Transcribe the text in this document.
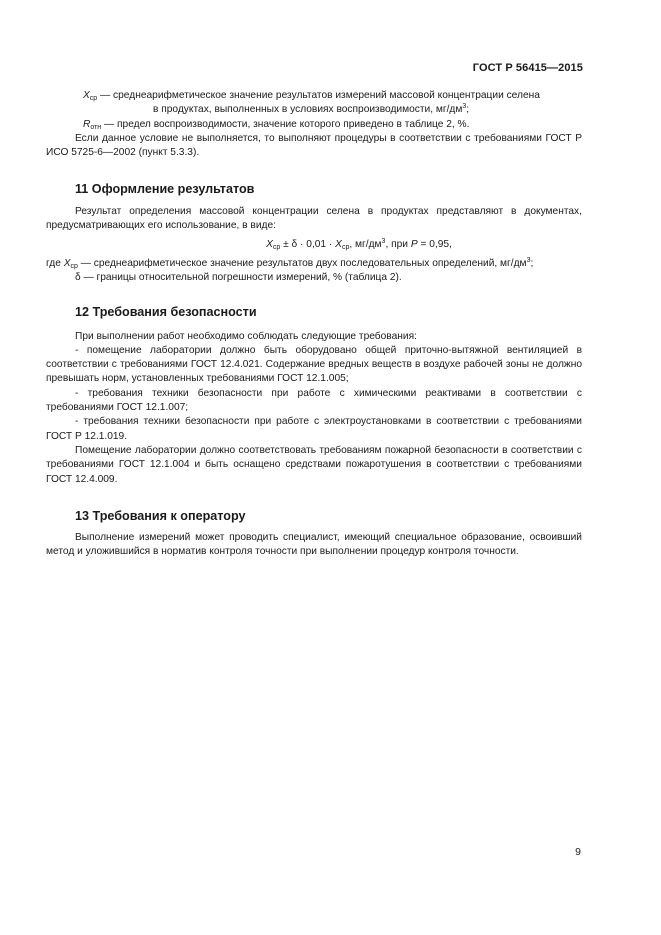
ГОСТ Р 56415—2015

$X_{ср}$ — среднеарифметическое значение результатов измерений массовой концентрации селена

в продуктах, выполненных в условиях воспроизводимости, $мг/дм^3$;

$R_{отн}$ — предел воспроизводимости, значение которого приведено в таблице 2, %.

Если данное условие не выполняется, то выполняют процедуры в соответствии с требованиями ГОСТ Р ИСО 5725-6—2002 (пункт 5.3.3).

11 Оформление результатов

Результат определения массовой концентрации селена в продуктах представляют в документах, предусматривающих его использование, в виде:

$X_{ср} \pm \delta \cdot 0,01 \cdot X_{ср}$, $мг/дм^3$, при P = 0,95,

где $X_{ср}$ — среднеарифметическое значение результатов двух последовательных определений, $мг/дм^3$;

δ — границы относительной погрешности измерений, % (таблица 2).

12 Требования безопасности

При выполнении работ необходимо соблюдать следующие требования:

- помещение лаборатории должно быть оборудовано общей приточно-вытяжной вентиляцией в соответствии с требованиями ГОСТ 12.4.021. Содержание вредных веществ в воздухе рабочей зоны не должно превышать норм, установленных требованиями ГОСТ 12.1.005;

- требования техники безопасности при работе с химическими реактивами в соответствии с требованиями ГОСТ 12.1.007;

- требования техники безопасности при работе с электроустановками в соответствии с требованиями ГОСТ Р 12.1.019.

Помещение лаборатории должно соответствовать требованиям пожарной безопасности в соответствии с требованиями ГОСТ 12.1.004 и быть оснащено средствами пожаротушения в соответствии с требованиями ГОСТ 12.4.009.

13 Требования к оператору

Выполнение измерений может проводить специалист, имеющий специальное образование, освоивший метод и уложившийся в норматив контроля точности при выполнении процедур контроля точности.

9
